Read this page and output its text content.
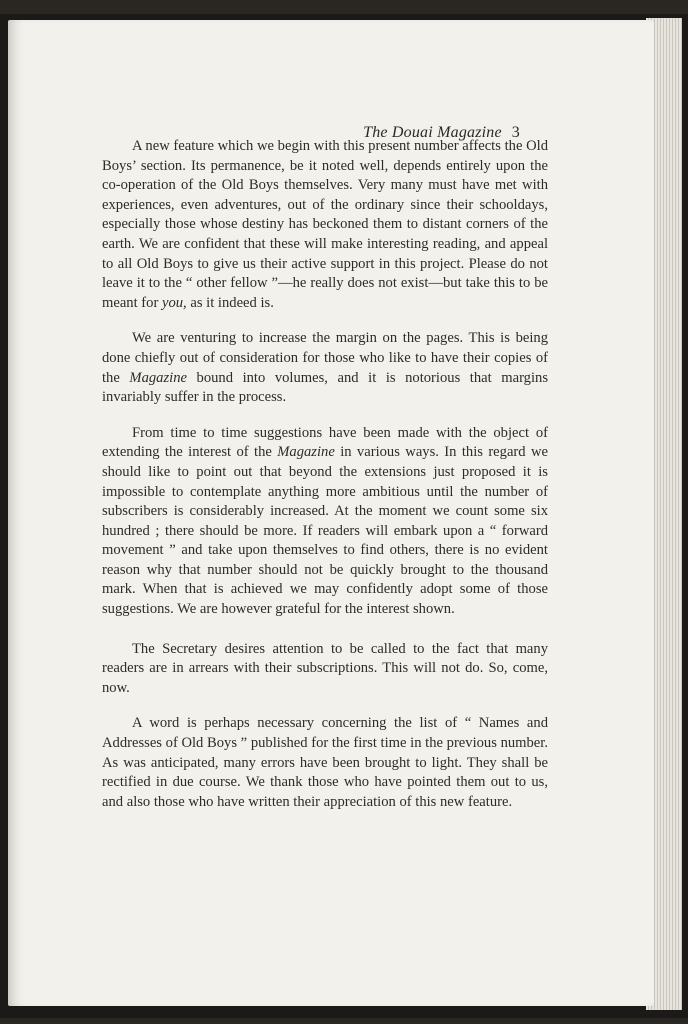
The Douai Magazine 3

A new feature which we begin with this present number affects the Old Boys’ section. Its permanence, be it noted well, depends entirely upon the co-operation of the Old Boys themselves. Very many must have met with experiences, even adventures, out of the ordinary since their schooldays, especially those whose destiny has beckoned them to distant corners of the earth. We are confident that these will make interesting reading, and appeal to all Old Boys to give us their active support in this project. Please do not leave it to the “ other fellow ”—he really does not exist—but take this to be meant for you, as it indeed is.

We are venturing to increase the margin on the pages. This is being done chiefly out of consideration for those who like to have their copies of the Magazine bound into volumes, and it is notorious that margins invariably suffer in the process.

From time to time suggestions have been made with the object of extending the interest of the Magazine in various ways. In this regard we should like to point out that beyond the extensions just proposed it is impossible to contemplate anything more ambitious until the number of subscribers is considerably increased. At the moment we count some six hundred ; there should be more. If readers will embark upon a “ forward movement ” and take upon themselves to find others, there is no evident reason why that number should not be quickly brought to the thousand mark. When that is achieved we may confidently adopt some of those suggestions. We are however grateful for the interest shown.

The Secretary desires attention to be called to the fact that many readers are in arrears with their subscriptions. This will not do. So, come, now.

A word is perhaps necessary concerning the list of “ Names and Addresses of Old Boys ” published for the first time in the previous number. As was anticipated, many errors have been brought to light. They shall be rectified in due course. We thank those who have pointed them out to us, and also those who have written their appreciation of this new feature.
